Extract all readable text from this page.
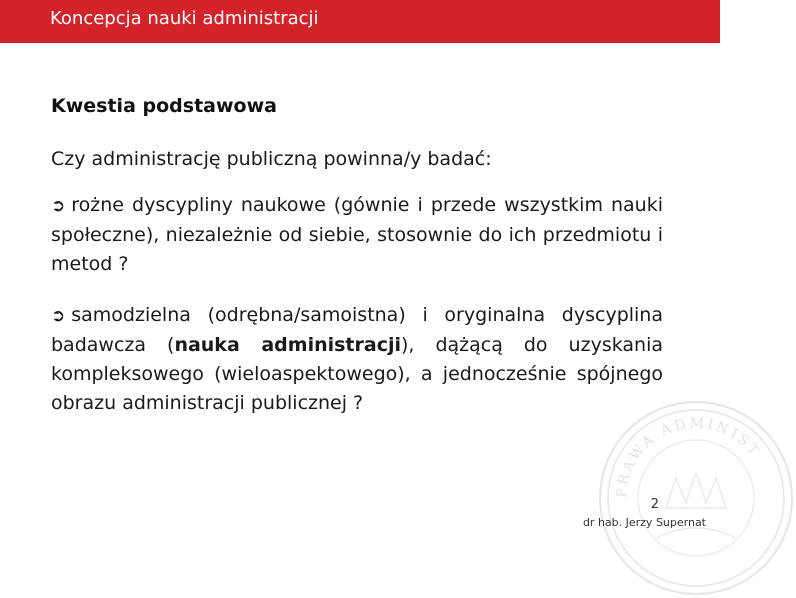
Koncepcja nauki administracji
Kwestia podstawowa
Czy administrację publiczną powinna/y badać:
➲ rożne dyscypliny naukowe (gównie i przede wszystkim nauki społeczne), niezależnie od siebie, stosownie do ich przedmiotu i metod ?
➲ samodzielna (odrębna/samoistna) i oryginalna dyscyplina badawcza (nauka administracji), dążącą do uzyskania kompleksowego (wieloaspektowego), a jednocześnie spójnego obrazu administracji publicznej ?
PRAWA ADMINIST
2
dr hab. Jerzy Supernat
